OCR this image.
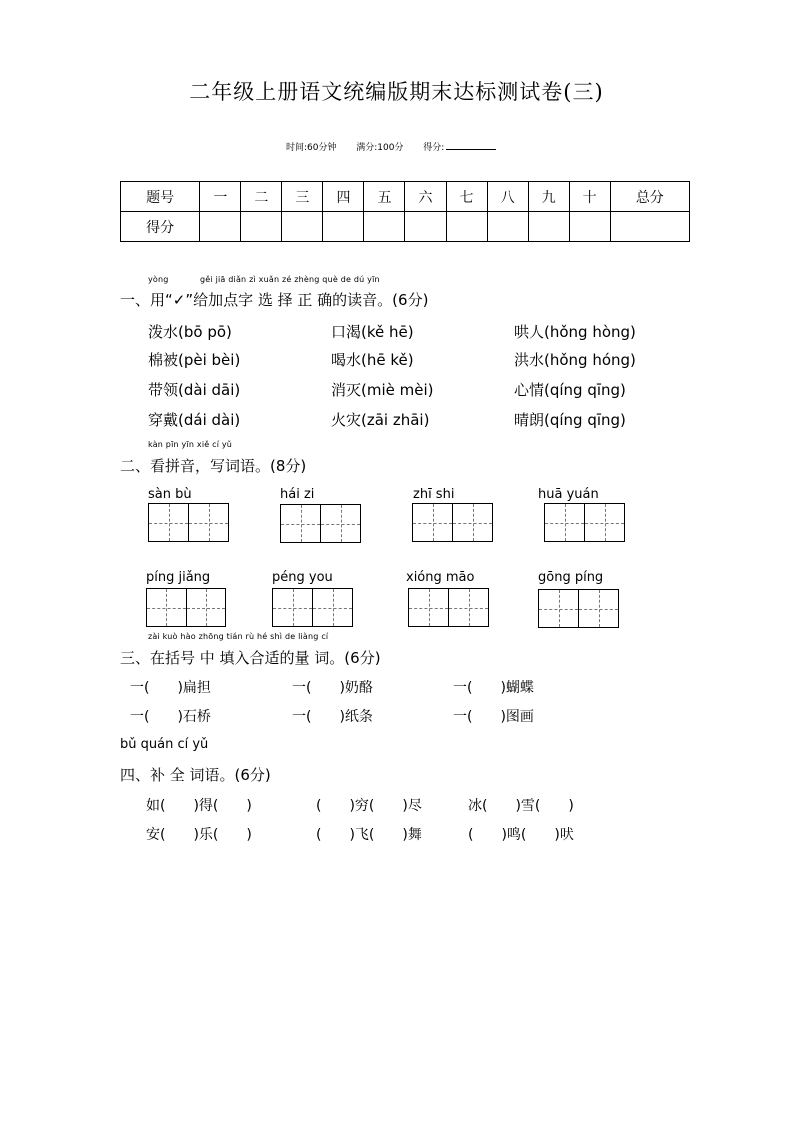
二年级上册语文统编版期末达标测试卷(三)
时间:60分钟 满分:100分 得分:
题号	一	二	三	四	五	六	七	八	九	十	总分
得分											
yòng	gěi jiā diǎn zì xuǎn zé zhèng què de dú yīn
一、用“✓”给加点字 选 择 正 确的读音。(6分)
泼水(bō pō)	口渴(kě hē)	哄人(hǒng hòng)
棉被(pèi bèi)	喝水(hē kě)	洪水(hǒng hóng)
带领(dài dāi)	消灭(miè mèi)	心情(qíng qīng)
穿戴(dái dài)	火灾(zāi zhāi)	晴朗(qíng qīng)
kàn pīn yīn xiě cí yǔ
二、看拼音，写词语。(8分)
sàn bù	hái zi	zhī shi	huā yuán
píng jiǎng	péng you	xióng māo	gōng píng
zài kuò hào zhōng tián rù hé shì de liàng cí
三、在括号 中 填入合适的量 词。(6分)
一(　　)扁担	一(　　)奶酪	一(　　)蝴蝶
一(　　)石桥	一(　　)纸条	一(　　)图画
bǔ quán cí yǔ
四、补 全 词语。(6分)
如(　　)得(　　)	(　　)穷(　　)尽	冰(　　)雪(　　)
安(　　)乐(　　)	(　　)飞(　　)舞	(　　)鸣(　　)吠
